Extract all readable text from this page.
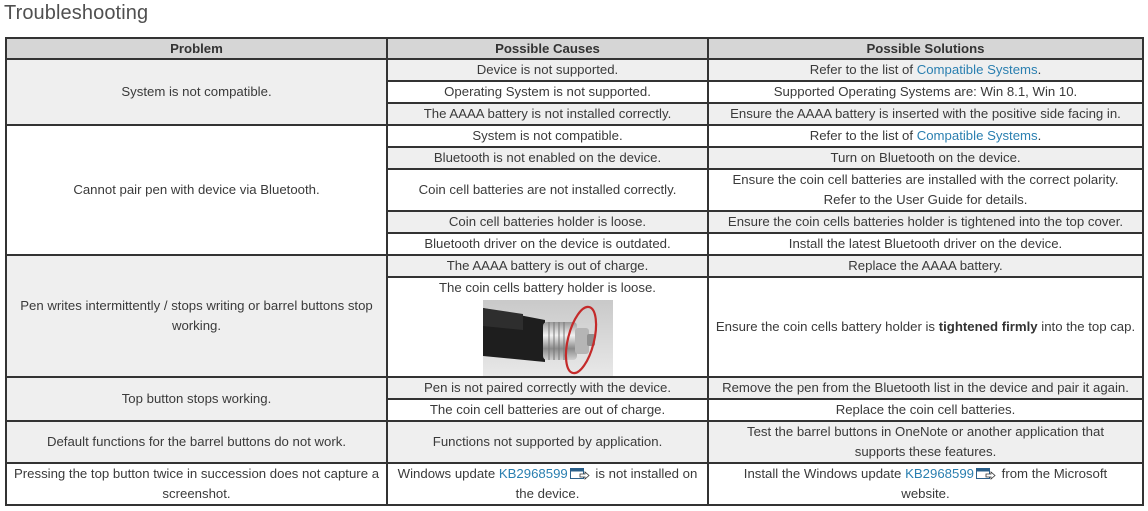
Troubleshooting
Problem	Possible Causes	Possible Solutions
System is not compatible.	Device is not supported.	Refer to the list of Compatible Systems.
	Operating System is not supported.	Supported Operating Systems are: Win 8.1, Win 10.
	The AAAA battery is not installed correctly.	Ensure the AAAA battery is inserted with the positive side facing in.
Cannot pair pen with device via Bluetooth.	System is not compatible.	Refer to the list of Compatible Systems.
	Bluetooth is not enabled on the device.	Turn on Bluetooth on the device.
	Coin cell batteries are not installed correctly.	Ensure the coin cell batteries are installed with the correct polarity.
Refer to the User Guide for details.

	Coin cell batteries holder is loose.	Ensure the coin cells batteries holder is tightened into the top cover.
	Bluetooth driver on the device is outdated.	Install the latest Bluetooth driver on the device.
Pen writes intermittently / stops writing or barrel buttons stop working.	The AAAA battery is out of charge.	Replace the AAAA battery.

	The coin cells battery holder is loose.	Ensure the coin cells battery holder is tightened firmly into the top cap.
Top button stops working.	Pen is not paired correctly with the device.	Remove the pen from the Bluetooth list in the device and pair it again.
	The coin cell batteries are out of charge.	Replace the coin cell batteries.
Default functions for the barrel buttons do not work.	Functions not supported by application.	Test the barrel buttons in OneNote or another application that supports these features.
Pressing the top button twice in succession does not capture a screenshot.	Windows update KB2968599 is not installed on the device.	Install the Windows update KB2968599 from the Microsoft website.
